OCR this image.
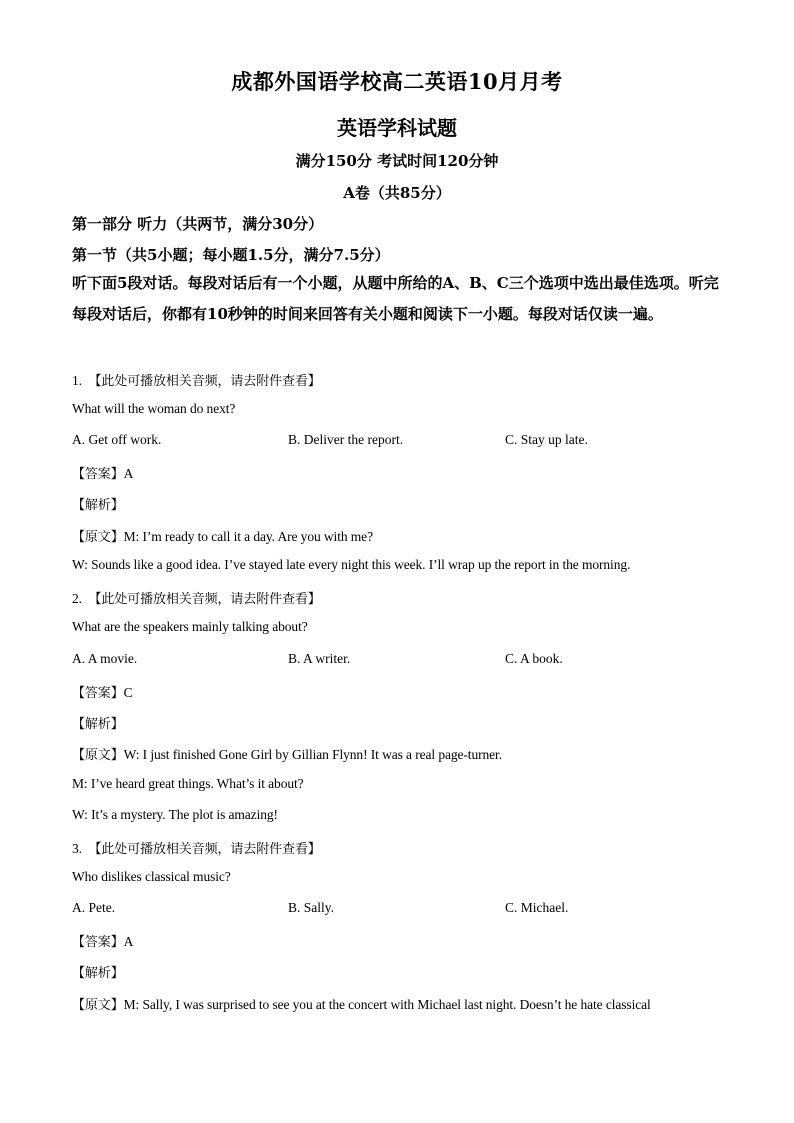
成都外国语学校高二英语10月月考
英语学科试题
满分150分 考试时间120分钟
A卷（共85分）
第一部分 听力（共两节，满分30分）
第一节（共5小题；每小题1.5分，满分7.5分）
听下面5段对话。每段对话后有一个小题，从题中所给的A、B、C三个选项中选出最佳选项。听完每段对话后，你都有10秒钟的时间来回答有关小题和阅读下一小题。每段对话仅读一遍。
1. 【此处可播放相关音频，请去附件查看】
What will the woman do next?
A. Get off work.	B. Deliver the report.	C. Stay up late.
【答案】A
【解析】
【原文】M: I’m ready to call it a day. Are you with me?
W: Sounds like a good idea. I’ve stayed late every night this week. I’ll wrap up the report in the morning.
2. 【此处可播放相关音频，请去附件查看】
What are the speakers mainly talking about?
A. A movie.	B. A writer.	C. A book.
【答案】C
【解析】
【原文】W: I just finished Gone Girl by Gillian Flynn! It was a real page-turner.
M: I’ve heard great things. What’s it about?
W: It’s a mystery. The plot is amazing!
3. 【此处可播放相关音频，请去附件查看】
Who dislikes classical music?
A. Pete.	B. Sally.	C. Michael.
【答案】A
【解析】
【原文】M: Sally, I was surprised to see you at the concert with Michael last night. Doesn’t he hate classical
